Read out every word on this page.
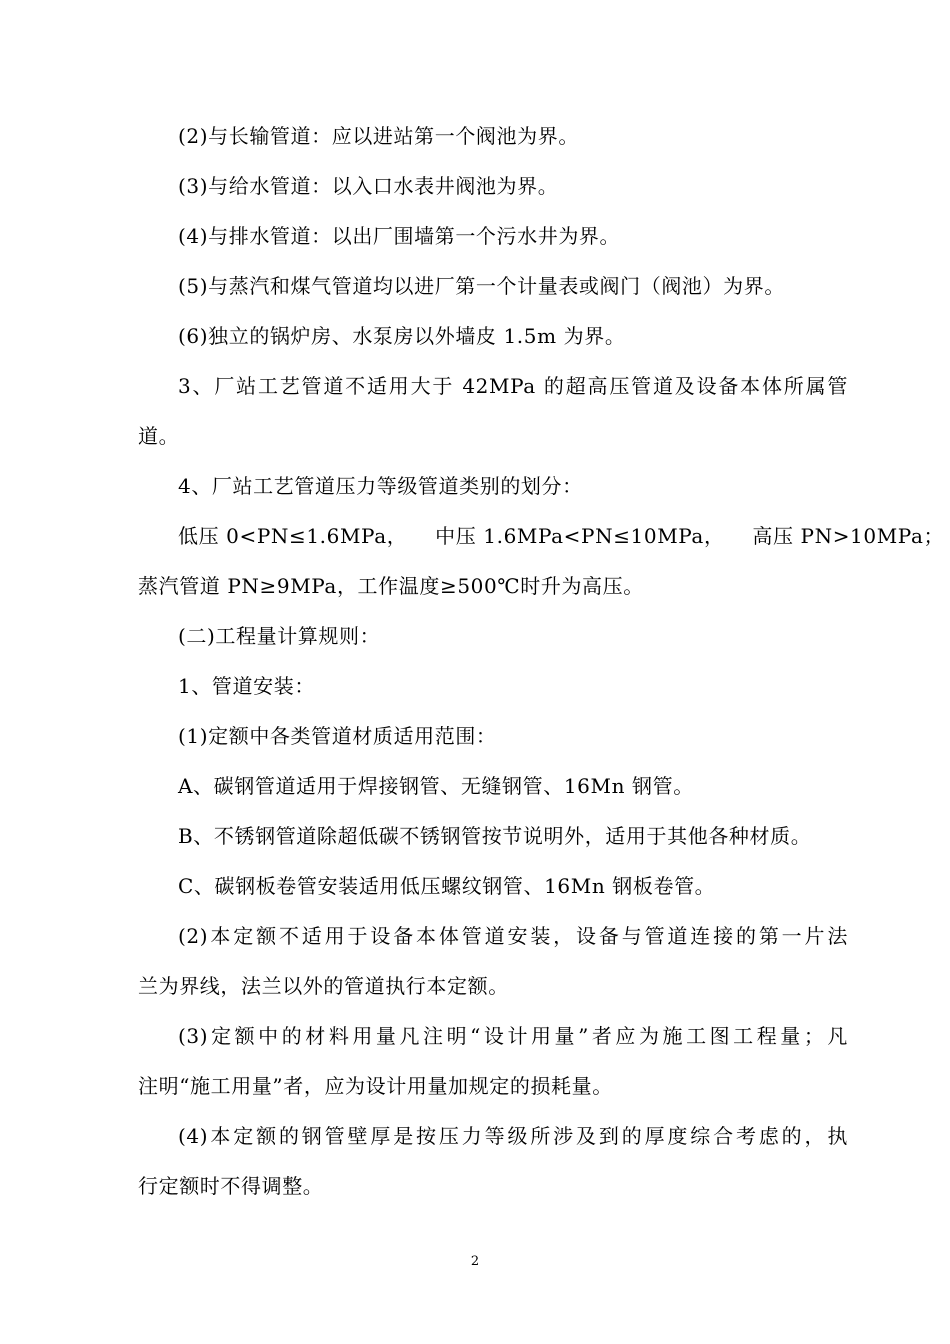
(2)与长输管道：应以进站第一个阀池为界。
(3)与给水管道：以入口水表井阀池为界。
(4)与排水管道：以出厂围墙第一个污水井为界。
(5)与蒸汽和煤气管道均以进厂第一个计量表或阀门（阀池）为界。
(6)独立的锅炉房、水泵房以外墙皮 1.5m 为界。
3、厂站工艺管道不适用大于 42MPa 的超高压管道及设备本体所属管
道。
4、厂站工艺管道压力等级管道类别的划分：
低压 0<PN≤1.6MPa，    中压 1.6MPa<PN≤10MPa，    高压 PN>10MPa；
蒸汽管道 PN≥9MPa，工作温度≥500℃时升为高压。
(二)工程量计算规则：
1、管道安装：
(1)定额中各类管道材质适用范围：
A、碳钢管道适用于焊接钢管、无缝钢管、16Mn 钢管。
B、不锈钢管道除超低碳不锈钢管按节说明外，适用于其他各种材质。
C、碳钢板卷管安装适用低压螺纹钢管、16Mn 钢板卷管。
(2)本定额不适用于设备本体管道安装，设备与管道连接的第一片法
兰为界线，法兰以外的管道执行本定额。
(3)定额中的材料用量凡注明“设计用量”者应为施工图工程量；凡
注明“施工用量”者，应为设计用量加规定的损耗量。
(4)本定额的钢管壁厚是按压力等级所涉及到的厚度综合考虑的，执
行定额时不得调整。
2
